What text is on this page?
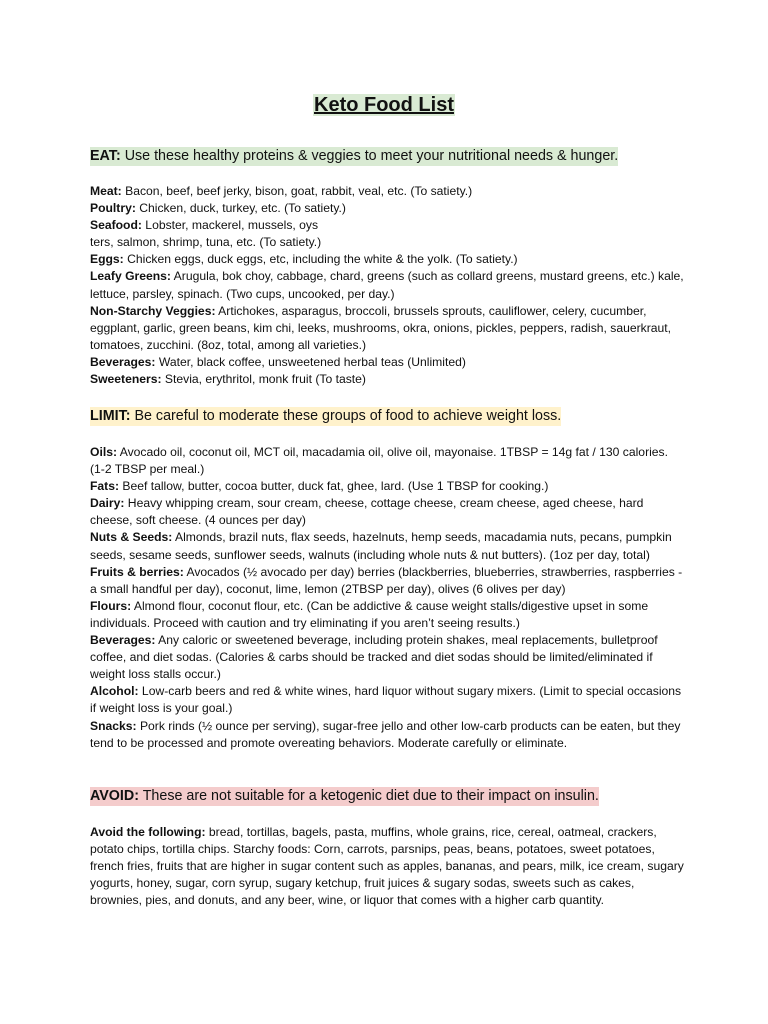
Keto Food List
EAT: Use these healthy proteins & veggies to meet your nutritional needs & hunger.

Meat: Bacon, beef, beef jerky, bison, goat, rabbit, veal, etc. (To satiety.)

Poultry: Chicken, duck, turkey, etc. (To satiety.)

Seafood: Lobster, mackerel, mussels, oys
ters, salmon, shrimp, tuna, etc. (To satiety.)

Eggs: Chicken eggs, duck eggs, etc, including the white & the yolk. (To satiety.)

Leafy Greens: Arugula, bok choy, cabbage, chard, greens (such as collard greens, mustard greens, etc.) kale, lettuce, parsley, spinach. (Two cups, uncooked, per day.)

Non-Starchy Veggies: Artichokes, asparagus, broccoli, brussels sprouts, cauliflower, celery, cucumber, eggplant, garlic, green beans, kim chi, leeks, mushrooms, okra, onions, pickles, peppers, radish, sauerkraut, tomatoes, zucchini. (8oz, total, among all varieties.)

Beverages: Water, black coffee, unsweetened herbal teas (Unlimited)

Sweeteners: Stevia, erythritol, monk fruit (To taste)

LIMIT: Be careful to moderate these groups of food to achieve weight loss.

Oils: Avocado oil, coconut oil, MCT oil, macadamia oil, olive oil, mayonaise. 1TBSP = 14g fat / 130 calories. (1-2 TBSP per meal.)

Fats: Beef tallow, butter, cocoa butter, duck fat, ghee, lard. (Use 1 TBSP for cooking.)

Dairy: Heavy whipping cream, sour cream, cheese, cottage cheese, cream cheese, aged cheese, hard cheese, soft cheese. (4 ounces per day)

Nuts & Seeds: Almonds, brazil nuts, flax seeds, hazelnuts, hemp seeds, macadamia nuts, pecans, pumpkin seeds, sesame seeds, sunflower seeds, walnuts (including whole nuts & nut butters). (1oz per day, total)

Fruits & berries: Avocados (½ avocado per day) berries (blackberries, blueberries, strawberries, raspberries - a small handful per day), coconut, lime, lemon (2TBSP per day), olives (6 olives per day)

Flours: Almond flour, coconut flour, etc. (Can be addictive & cause weight stalls/digestive upset in some individuals. Proceed with caution and try eliminating if you aren’t seeing results.)

Beverages: Any caloric or sweetened beverage, including protein shakes, meal replacements, bulletproof coffee, and diet sodas. (Calories & carbs should be tracked and diet sodas should be limited/eliminated if weight loss stalls occur.)

Alcohol: Low-carb beers and red & white wines, hard liquor without sugary mixers. (Limit to special occasions if weight loss is your goal.)

Snacks: Pork rinds (½ ounce per serving), sugar-free jello and other low-carb products can be eaten, but they tend to be processed and promote overeating behaviors. Moderate carefully or eliminate.

AVOID: These are not suitable for a ketogenic diet due to their impact on insulin.

Avoid the following: bread, tortillas, bagels, pasta, muffins, whole grains, rice, cereal, oatmeal, crackers, potato chips, tortilla chips. Starchy foods: Corn, carrots, parsnips, peas, beans, potatoes, sweet potatoes, french fries, fruits that are higher in sugar content such as apples, bananas, and pears, milk, ice cream, sugary yogurts, honey, sugar, corn syrup, sugary ketchup, fruit juices & sugary sodas, sweets such as cakes, brownies, pies, and donuts, and any beer, wine, or liquor that comes with a higher carb quantity.
